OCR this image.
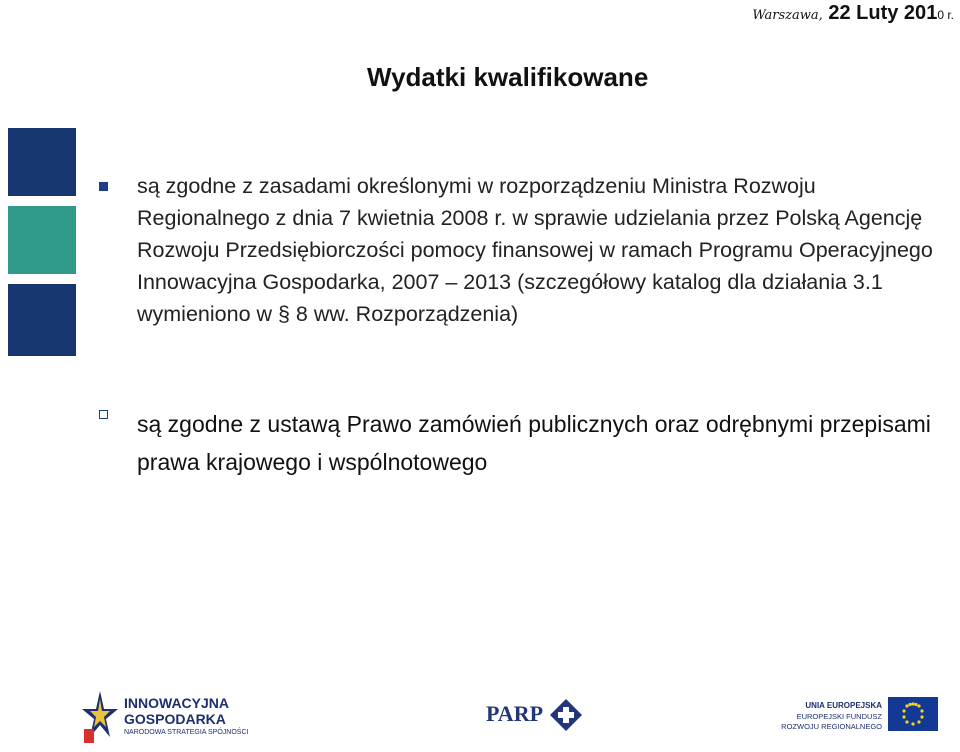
Warszawa, 22 Luty 2010 r.
Wydatki kwalifikowane
są zgodne z zasadami określonymi w rozporządzeniu Ministra Rozwoju Regionalnego z dnia 7 kwietnia 2008 r. w sprawie udzielania przez Polską Agencję Rozwoju Przedsiębiorczości pomocy finansowej w ramach Programu Operacyjnego Innowacyjna Gospodarka, 2007 – 2013 (szczegółowy katalog dla działania 3.1 wymieniono w § 8 ww. Rozporządzenia)
są zgodne z ustawą Prawo zamówień publicznych oraz odrębnymi przepisami prawa krajowego i wspólnotowego
INNOWACYJNA
GOSPODARKA
NARODOWA STRATEGIA SPÓJNOŚCI
PARP	UNIA EUROPEJSKA
EUROPEJSKI FUNDUSZ
ROZWOJU REGIONALNEGO
